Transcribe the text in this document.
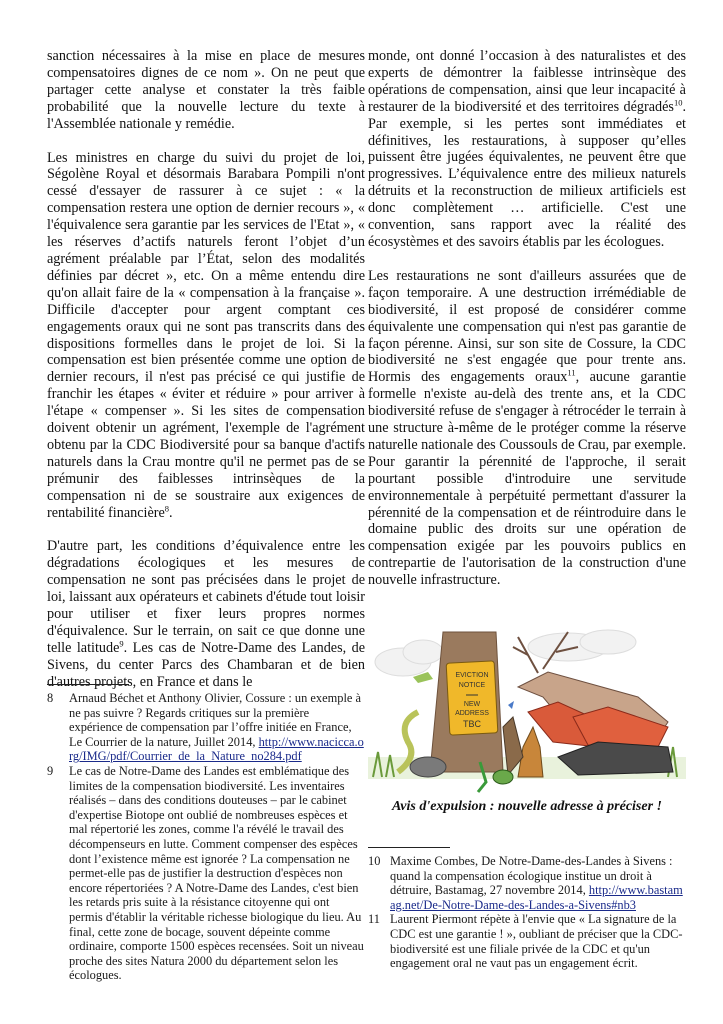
sanction nécessaires à la mise en place de mesures compensatoires dignes de ce nom ». On ne peut que partager cette analyse et constater la très faible probabilité que la nouvelle lecture du texte à l'Assemblée nationale y remédie.

Les ministres en charge du suivi du projet de loi, Ségolène Royal et désormais Barabara Pompili n'ont cessé d'essayer de rassurer à ce sujet : « la compensation restera une option de dernier recours », « l'équivalence sera garantie par les services de l'Etat », « les réserves d’actifs naturels feront l’objet d’un agrément préalable par l’État, selon des modalités définies par décret », etc. On a même entendu dire qu'on allait faire de la « compensation à la française ». Difficile d'accepter pour argent comptant ces engagements oraux qui ne sont pas transcrits dans des dispositions formelles dans le projet de loi. Si la compensation est bien présentée comme une option de dernier recours, il n'est pas précisé ce qui justifie de franchir les étapes « éviter et réduire » pour arriver à l'étape « compenser ». Si les sites de compensation doivent obtenir un agrément, l'exemple de l'agrément obtenu par la CDC Biodiversité pour sa banque d'actifs naturels dans la Crau montre qu'il ne permet pas de se prémunir des faiblesses intrinsèques de la compensation ni de se soustraire aux exigences de rentabilité financière$^8$.

D'autre part, les conditions d’équivalence entre les dégradations écologiques et les mesures de compensation ne sont pas précisées dans le projet de loi, laissant aux opérateurs et cabinets d'étude tout loisir pour utiliser et fixer leurs propres normes d'équivalence. Sur le terrain, on sait ce que donne une telle latitude$^9$. Les cas de Notre-Dame des Landes, de Sivens, du center Parcs des Chambaran et de bien d'autres projets, en France et dans le

8	Arnaud Béchet et Anthony Olivier, Cossure : un exemple à ne pas suivre ? Regards critiques sur la première expérience de compensation par l’offre initiée en France, Le Courrier de la nature, Juillet 2014, http://www.nacicca.org/IMG/pdf/Courrier_de_la_Nature_no284.pdf
9	Le cas de Notre-Dame des Landes est emblématique des limites de la compensation biodiversité. Les inventaires réalisés – dans des conditions douteuses – par le cabinet d'expertise Biotope ont oublié de nombreuses espèces et mal répertorié les zones, comme l'a révélé le travail des décompenseurs en lutte. Comment compenser des espèces dont l’existence même est ignorée ? La compensation ne permet-elle pas de justifier la destruction d'espèces non encore répertoriées ? A Notre-Dame des Landes, c'est bien les retards pris suite à la résistance citoyenne qui ont permis d'établir la véritable richesse biologique du lieu. Au final, cette zone de bocage, souvent dépeinte comme ordinaire, comporte 1500 espèces recensées. Soit un niveau proche des sites Natura 2000 du département selon les écologues.

monde, ont donné l’occasion à des naturalistes et des experts de démontrer la faiblesse intrinsèque des opérations de compensation, ainsi que leur incapacité à restaurer de la biodiversité et des territoires dégradés$^{10}$. Par exemple, si les pertes sont immédiates et définitives, les restaurations, à supposer qu’elles puissent être jugées équivalentes, ne peuvent être que progressives. L’équivalence entre des milieux naturels détruits et la reconstruction de milieux artificiels est donc complètement … artificielle. C'est une convention, sans rapport avec la réalité des écosystèmes et des savoirs établis par les écologues.

Les restaurations ne sont d'ailleurs assurées que de façon temporaire. A une destruction irrémédiable de biodiversité, il est proposé de considérer comme équivalente une compensation qui n'est pas garantie de façon pérenne. Ainsi, sur son site de Cossure, la CDC biodiversité ne s'est engagée que pour trente ans. Hormis des engagements oraux$^{11}$, aucune garantie formelle n'existe au-delà des trente ans, et la CDC biodiversité refuse de s'engager à rétrocéder le terrain à une structure à-même de le protéger comme la réserve naturelle nationale des Coussouls de Crau, par exemple. Pour garantir la pérennité de l'approche, il serait pourtant possible d'introduire une servitude environnementale à perpétuité permettant d'assurer la pérennité de la compensation et de réintroduire dans le domaine public des droits sur une opération de compensation exigée par les pouvoirs publics en contrepartie de l'autorisation de la construction d'une nouvelle infrastructure.

EVICTION
NOTICE
NEW
ADDRESS
TBC
Avis d'expulsion : nouvelle adresse à préciser !
10 Maxime Combes, De Notre-Dame-des-Landes à Sivens : quand la compensation écologique institue un droit à détruire, Bastamag, 27 novembre 2014, http://www.bastamag.net/De-Notre-Dame-des-Landes-a-Sivens#nb3
11 Laurent Piermont répète à l'envie que « La signature de la CDC est une garantie ! », oubliant de préciser que la CDC-biodiversité est une filiale privée de la CDC et qu'un engagement oral ne vaut pas un engagement écrit.
